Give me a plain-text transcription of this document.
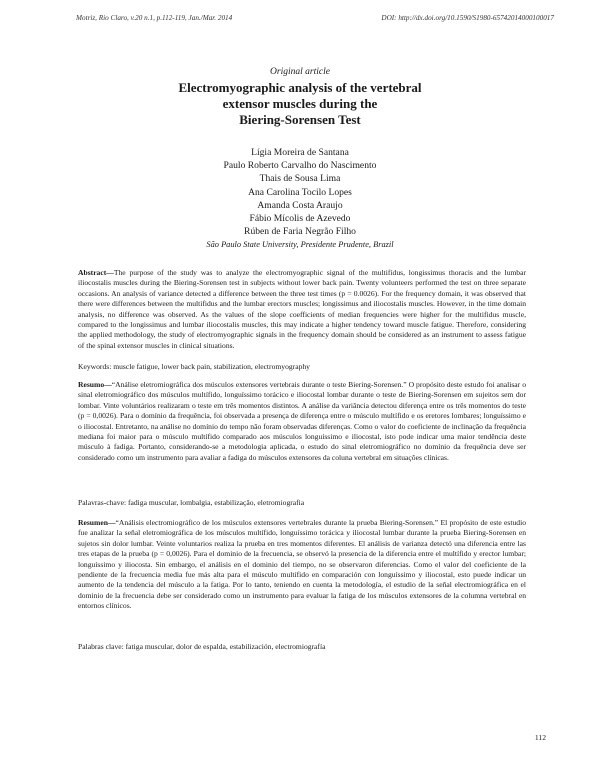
Motriz, Rio Claro, v.20 n.1, p.112-119, Jan./Mar. 2014	DOI: http://dx.doi.org/10.1590/S1980-65742014000100017
Original article
Electromyographic analysis of the vertebral
extensor muscles during the
Biering-Sorensen Test
Lígia Moreira de Santana
Paulo Roberto Carvalho do Nascimento
Thais de Sousa Lima
Ana Carolina Tocilo Lopes
Amanda Costa Araujo
Fábio Mícolis de Azevedo
Rúben de Faria Negrão Filho
São Paulo State University, Presidente Prudente, Brazil
Abstract—The purpose of the study was to analyze the electromyographic signal of the multifidus, longissimus thoracis and the lumbar iliocostalis muscles during the Biering-Sorensen test in subjects without lower back pain. Twenty volunteers performed the test on three separate occasions. An analysis of variance detected a difference between the three test times (p = 0.0026). For the frequency domain, it was observed that there were differences between the multifidus and the lumbar erectors muscles; longissimus and iliocostalis muscles. However, in the time domain analysis, no difference was observed. As the values of the slope coefficients of median frequencies were higher for the multifidus muscle, compared to the longissimus and lumbar iliocostalis muscles, this may indicate a higher tendency toward muscle fatigue. Therefore, considering the applied methodology, the study of electromyographic signals in the frequency domain should be considered as an instrument to assess fatigue of the spinal extensor muscles in clinical situations.
Keywords: muscle fatigue, lower back pain, stabilization, electromyography
Resumo—“Análise eletromiográfica dos músculos extensores vertebrais durante o teste Biering-Sorensen.” O propósito deste estudo foi analisar o sinal eletromiográfico dos músculos multífido, longuíssimo torácico e iliocostal lombar durante o teste de Biering-Sorensen em sujeitos sem dor lombar. Vinte voluntários realizaram o teste em três momentos distintos. A análise da variância detectou diferença entre os três momentos do teste (p = 0,0026). Para o domínio da frequência, foi observada a presença de diferença entre o músculo multífido e os eretores lombares; longuíssimo e o iliocostal. Entretanto, na análise no domínio do tempo não foram observadas diferenças. Como o valor do coeficiente de inclinação da frequência mediana foi maior para o músculo multífido comparado aos músculos longuíssimo e iliocostal, isto pode indicar uma maior tendência deste músculo à fadiga. Portanto, considerando-se a metodologia aplicada, o estudo do sinal eletromiográfico no domínio da frequência deve ser considerado como um instrumento para avaliar a fadiga do músculos extensores da coluna vertebral em situações clínicas.
Palavras-chave: fadiga muscular, lombalgia, estabilização, eletromiografia
Resumen—“Análisis electromiográfico de los músculos extensores vertebrales durante la prueba Biering-Sorensen.” El propósito de este estudio fue analizar la señal eletromiográfica de los músculos multífido, longuíssimo torácica y iliocostal lumbar durante la prueba Biering-Sorensen en sujetos sin dolor lumbar. Veinte voluntarios realiza la prueba en tres momentos diferentes. El análisis de varianza detectó una diferencia entre las tres etapas de la prueba (p = 0,0026). Para el dominio de la frecuencia, se observó la presencia de la diferencia entre el multífido y erector lumbar; longuíssimo y iliocosta. Sin embargo, el análisis en el dominio del tiempo, no se observaron diferencias. Como el valor del coeficiente de la pendiente de la frecuencia media fue más alta para el músculo multífido en comparación con longuíssimo y iliocostal, esto puede indicar un aumento de la tendencia del músculo a la fatiga. Por lo tanto, teniendo en cuenta la metodología, el estudio de la señal electromiográfica en el dominio de la frecuencia debe ser considerado como un instrumento para evaluar la fatiga de los músculos extensores de la columna vertebral en entornos clínicos.
Palabras clave: fatiga muscular, dolor de espalda, estabilización, electromiografía
112
